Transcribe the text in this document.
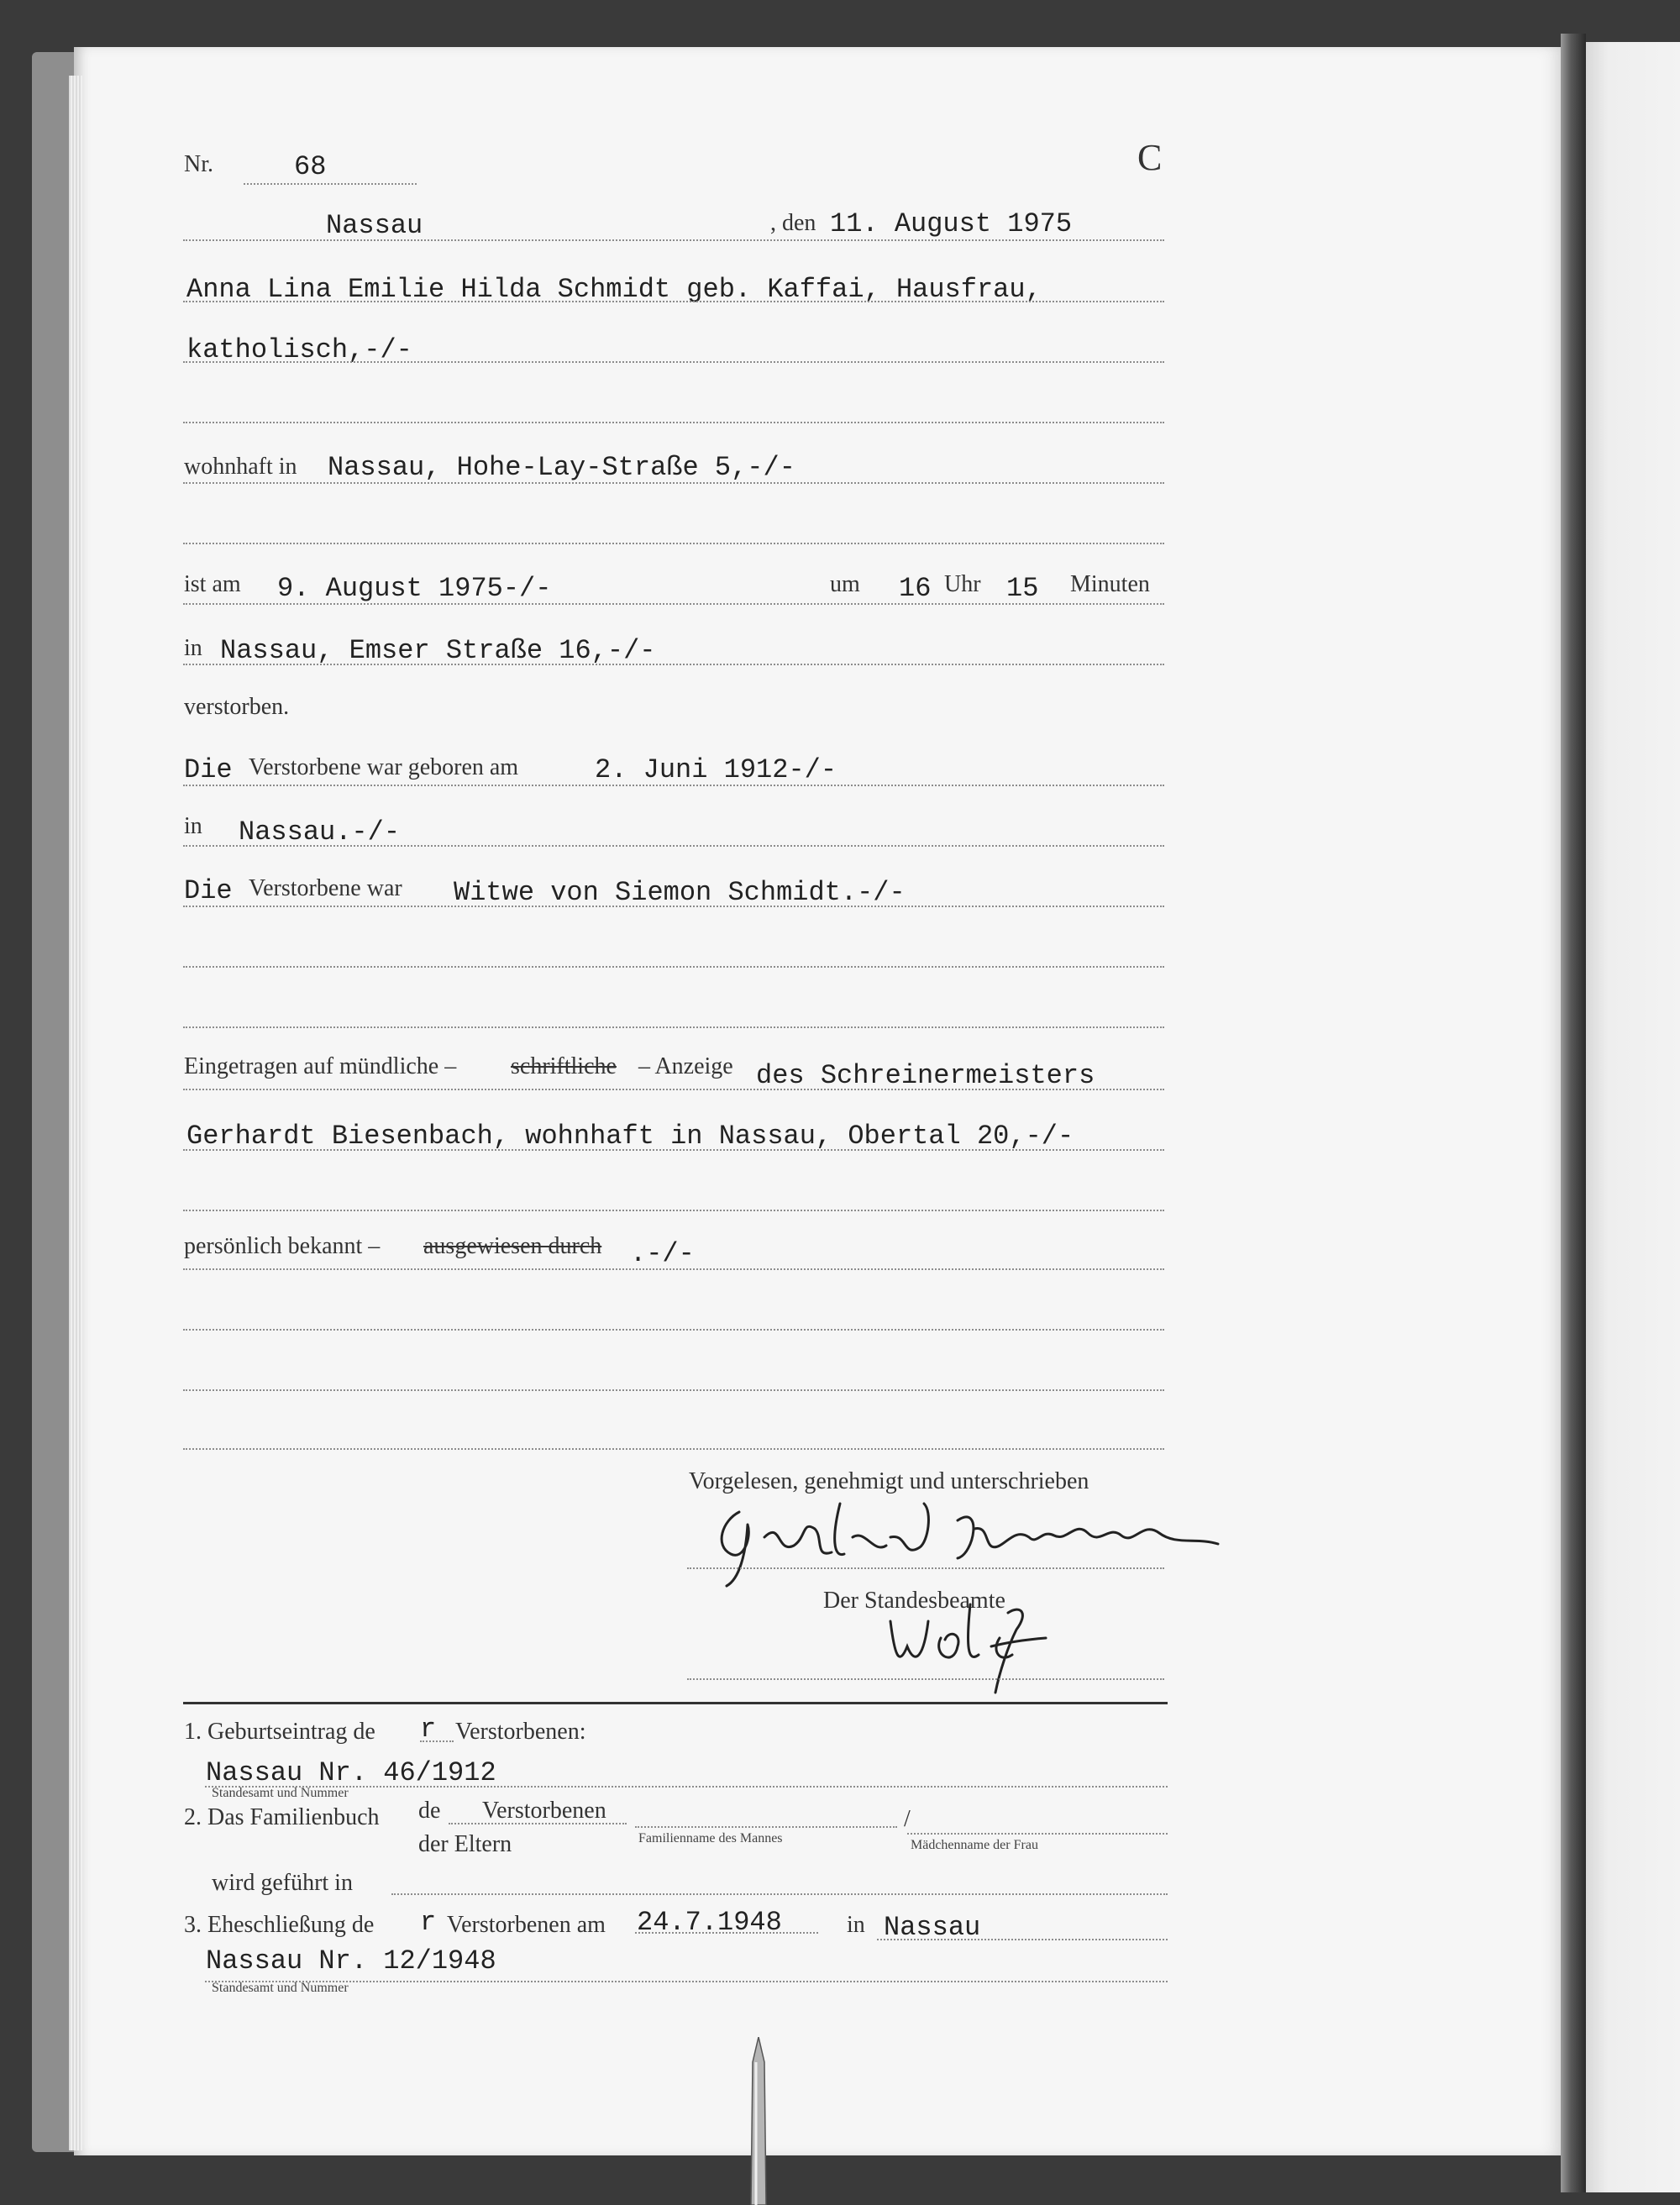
Nr.	68	C
Nassau	, den 11. August 1975
Anna Lina Emilie Hilda Schmidt geb. Kaffai, Hausfrau,
katholisch,-/-
wohnhaft in Nassau, Hohe-Lay-Straße 5,-/-
ist am 9. August 1975-/-	um 16 Uhr 15 Minuten
in Nassau, Emser Straße 16,-/-
verstorben.
Die Verstorbene war geboren am	2. Juni 1912-/-
in Nassau.-/-
Die Verstorbene war Witwe von Siemon Schmidt.-/-
Eingetragen auf mündliche – schriftliche – Anzeige des Schreinermeisters
Gerhardt Biesenbach, wohnhaft in Nassau, Obertal 20,-/-
persönlich bekannt – ausgewiesen durch .-/-
Vorgelesen, genehmigt und unterschrieben
Der Standesbeamte
1. Geburtseintrag de r Verstorbenen:
Nassau Nr. 46/1912
Standesamt und Nummer
2. Das Familienbuch de Verstorbenen
der Eltern
/
Familienname des Mannes	Mädchenname der Frau
wird geführt in
3. Eheschließung de r Verstorbenen am 24.7.1948	in Nassau
Nassau Nr. 12/1948
Standesamt und Nummer
